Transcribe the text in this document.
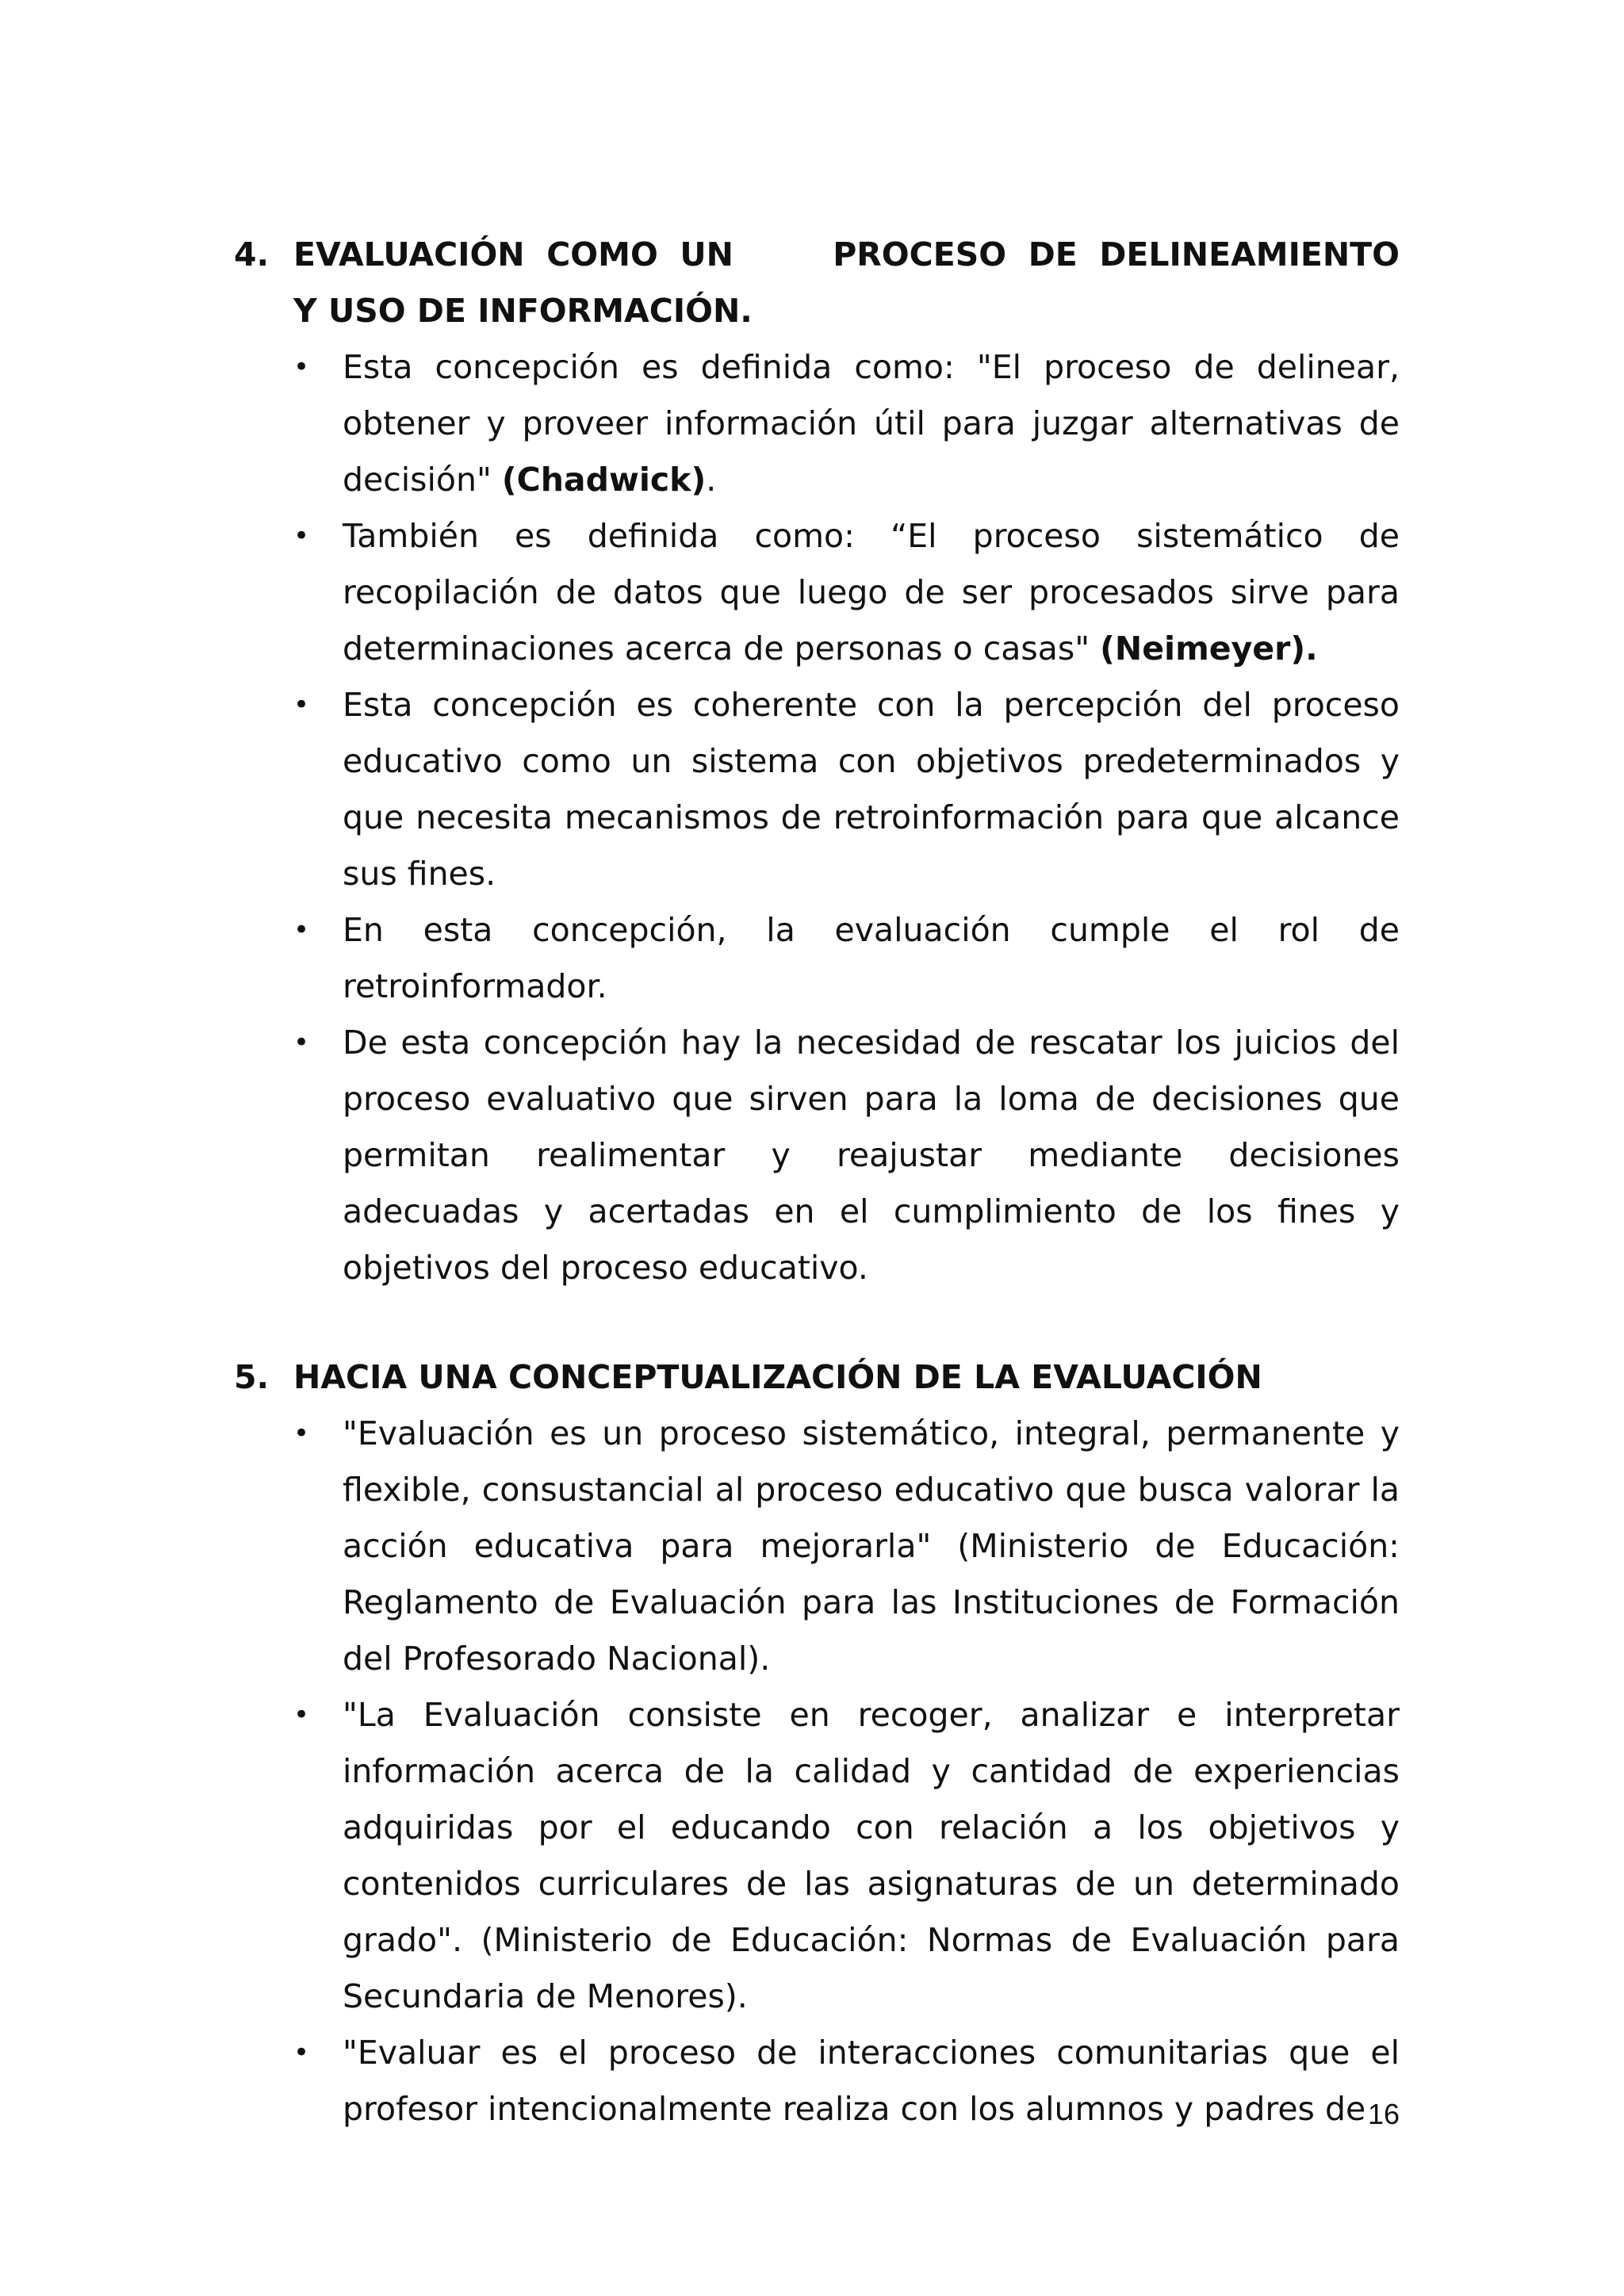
4. EVALUACIÓN COMO UN	PROCESO DE DELINEAMIENTO
Y USO DE INFORMACIÓN.
• Esta concepción es definida como: "El proceso de delinear, obtener y proveer información útil para juzgar alternativas de decisión" (Chadwick).
• También es definida como: “El proceso sistemático de recopilación de datos que luego de ser procesados sirve para determinaciones acerca de personas o casas" (Neimeyer).
• Esta concepción es coherente con la percepción del proceso educativo como un sistema con objetivos predeterminados y que necesita mecanismos de retroinformación para que alcance sus fines.
• En esta concepción, la evaluación cumple el rol de retroinformador.
• De esta concepción hay la necesidad de rescatar los juicios del proceso evaluativo que sirven para la loma de decisiones que permitan realimentar y reajustar mediante decisiones adecuadas y acertadas en el cumplimiento de los fines y objetivos del proceso educativo.
5. HACIA UNA CONCEPTUALIZACIÓN DE LA EVALUACIÓN
• "Evaluación es un proceso sistemático, integral, permanente y flexible, consustancial al proceso educativo que busca valorar la acción educativa para mejorarla" (Ministerio de Educación: Reglamento de Evaluación para las Instituciones de Formación del Profesorado Nacional).
• "La Evaluación consiste en recoger, analizar e interpretar información acerca de la calidad y cantidad de experiencias adquiridas por el educando con relación a los objetivos y contenidos curriculares de las asignaturas de un determinado grado". (Ministerio de Educación: Normas de Evaluación para Secundaria de Menores).
• "Evaluar es el proceso de interacciones comunitarias que el profesor intencionalmente realiza con los alumnos y padres de 16
